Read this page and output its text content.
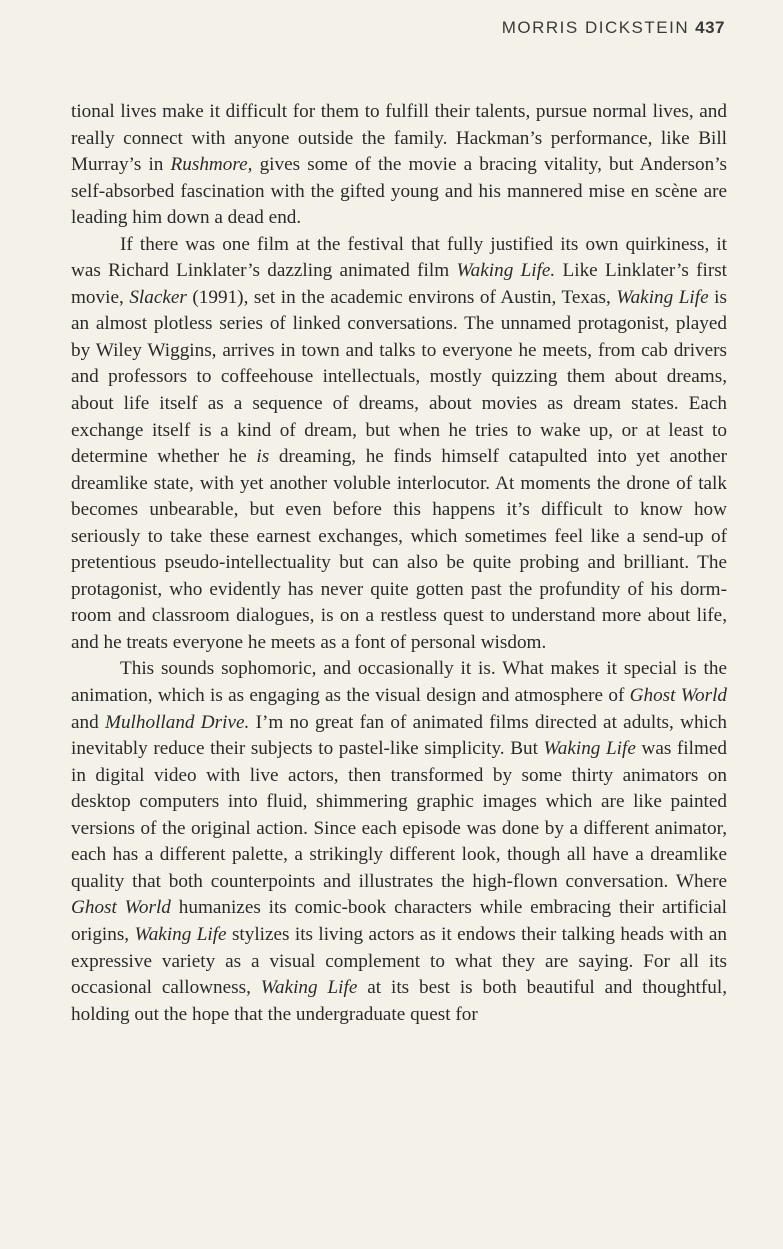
MORRIS DICKSTEIN 437

tional lives make it difficult for them to fulfill their talents, pursue normal lives, and really connect with anyone outside the family. Hackman’s performance, like Bill Murray’s in Rushmore, gives some of the movie a bracing vitality, but Anderson’s self-absorbed fascination with the gifted young and his mannered mise en scène are leading him down a dead end.

If there was one film at the festival that fully justified its own quirkiness, it was Richard Linklater’s dazzling animated film Waking Life. Like Linklater’s first movie, Slacker (1991), set in the academic environs of Austin, Texas, Waking Life is an almost plotless series of linked conversations. The unnamed protagonist, played by Wiley Wiggins, arrives in town and talks to everyone he meets, from cab drivers and professors to coffeehouse intellectuals, mostly quizzing them about dreams, about life itself as a sequence of dreams, about movies as dream states. Each exchange itself is a kind of dream, but when he tries to wake up, or at least to determine whether he is dreaming, he finds himself catapulted into yet another dreamlike state, with yet another voluble interlocutor. At moments the drone of talk becomes unbearable, but even before this happens it’s difficult to know how seriously to take these earnest exchanges, which sometimes feel like a send-up of pretentious pseudo-intellectuality but can also be quite probing and brilliant. The protagonist, who evidently has never quite gotten past the profundity of his dorm-room and classroom dialogues, is on a restless quest to understand more about life, and he treats everyone he meets as a font of personal wisdom.

This sounds sophomoric, and occasionally it is. What makes it special is the animation, which is as engaging as the visual design and atmosphere of Ghost World and Mulholland Drive. I’m no great fan of animated films directed at adults, which inevitably reduce their subjects to pastel-like simplicity. But Waking Life was filmed in digital video with live actors, then transformed by some thirty animators on desktop computers into fluid, shimmering graphic images which are like painted versions of the original action. Since each episode was done by a different animator, each has a different palette, a strikingly different look, though all have a dreamlike quality that both counterpoints and illustrates the high-flown conversation. Where Ghost World humanizes its comic-book characters while embracing their artificial origins, Waking Life stylizes its living actors as it endows their talking heads with an expressive variety as a visual complement to what they are saying. For all its occasional callowness, Waking Life at its best is both beautiful and thoughtful, holding out the hope that the undergraduate quest for
